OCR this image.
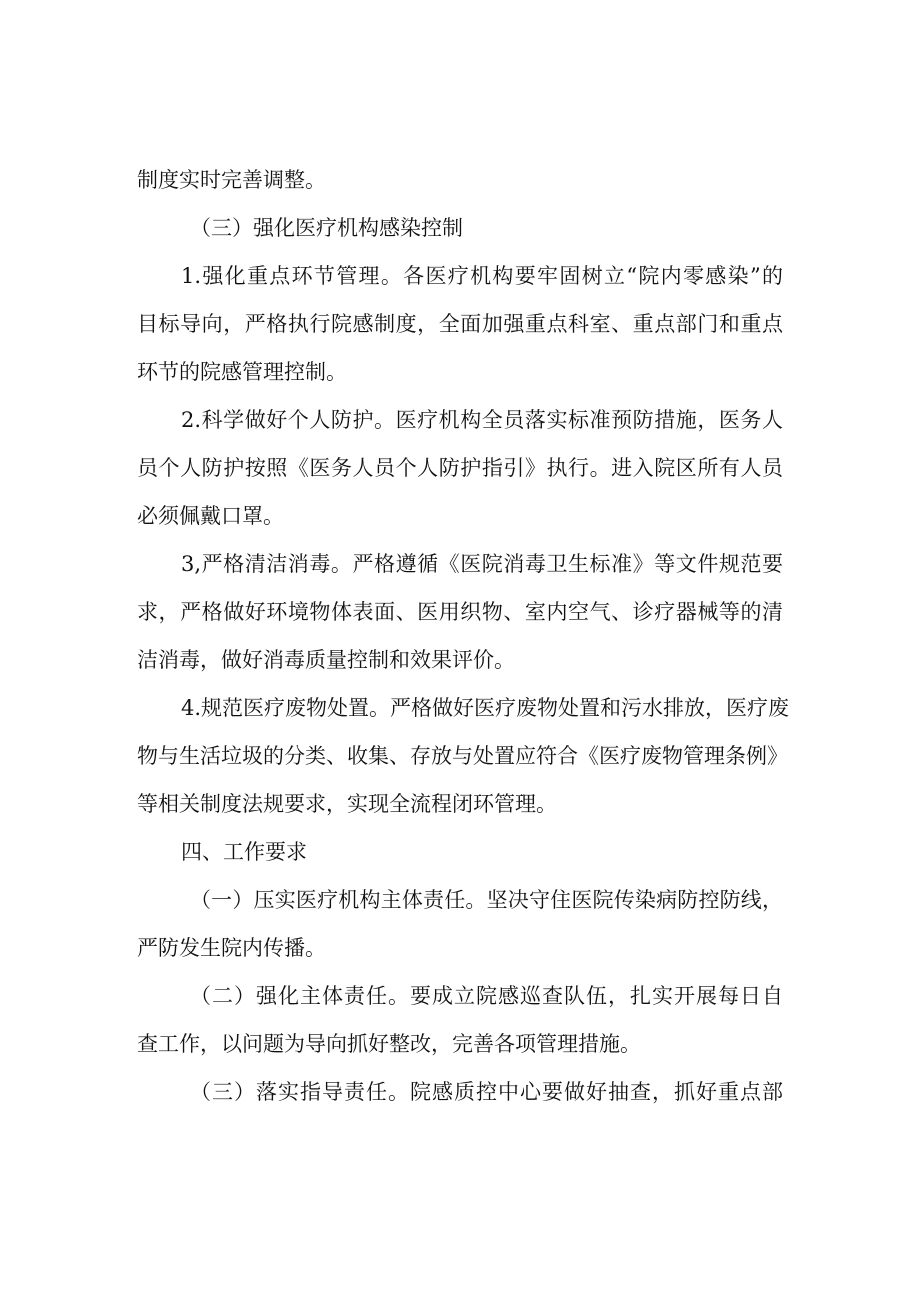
制度实时完善调整。

（三）强化医疗机构感染控制

1.强化重点环节管理。各医疗机构要牢固树立“院内零感染”的

目标导向，严格执行院感制度，全面加强重点科室、重点部门和重点

环节的院感管理控制。

2.科学做好个人防护。医疗机构全员落实标准预防措施，医务人

员个人防护按照《医务人员个人防护指引》执行。进入院区所有人员

必须佩戴口罩。

3,严格清洁消毒。严格遵循《医院消毒卫生标准》等文件规范要

求，严格做好环境物体表面、医用织物、室内空气、诊疗器械等的清

洁消毒，做好消毒质量控制和效果评价。

4.规范医疗废物处置。严格做好医疗废物处置和污水排放，医疗废

物与生活垃圾的分类、收集、存放与处置应符合《医疗废物管理条例》

等相关制度法规要求，实现全流程闭环管理。

四、工作要求

（一）压实医疗机构主体责任。坚决守住医院传染病防控防线，

严防发生院内传播。

（二）强化主体责任。要成立院感巡查队伍，扎实开展每日自

查工作，以问题为导向抓好整改，完善各项管理措施。

（三）落实指导责任。院感质控中心要做好抽查，抓好重点部
